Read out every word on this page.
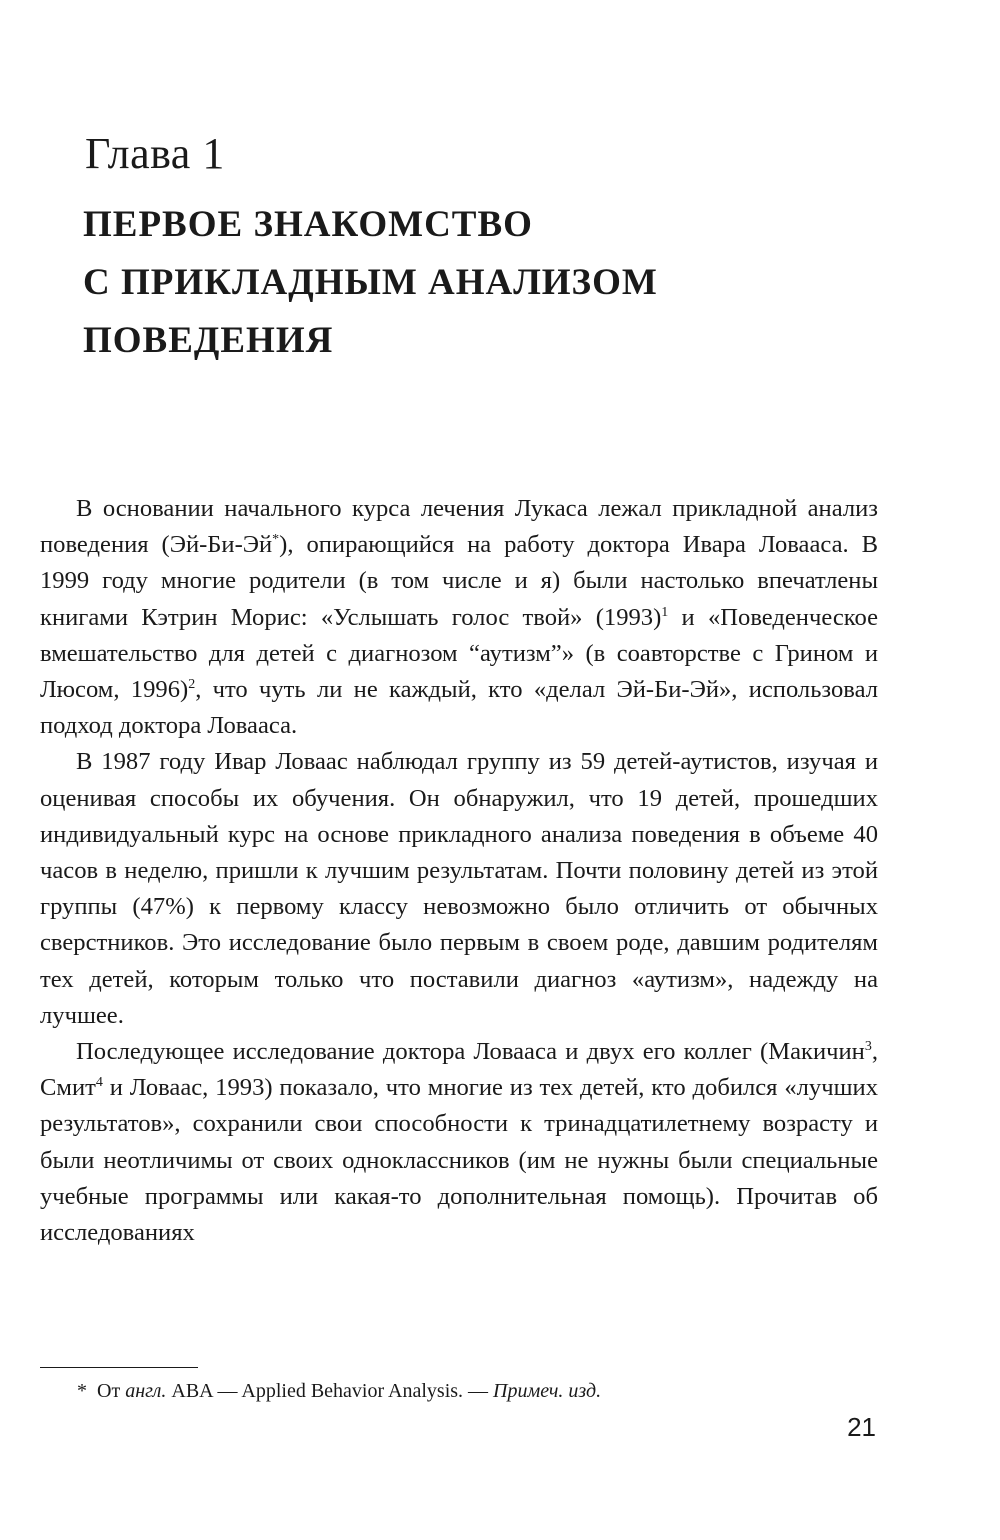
Глава 1
ПЕРВОЕ ЗНАКОМСТВО
С ПРИКЛАДНЫМ АНАЛИЗОМ
ПОВЕДЕНИЯ

В основании начального курса лечения Лукаса лежал прикладной анализ поведения (Эй-Би-Эй*), опирающийся на работу доктора Ивара Ловааса. В 1999 году многие родители (в том числе и я) были настолько впечатлены книгами Кэтрин Морис: «Услышать голос твой» $(1993)^1$ и «Поведенческое вмешательство для детей с диагнозом “аутизм”» (в соавторстве с Грином и Люсом, 1996)$^2$, что чуть ли не каждый, кто «делал Эй-Би-Эй», использовал подход доктора Ловааса.

В 1987 году Ивар Ловаас наблюдал группу из 59 детей-аутистов, изучая и оценивая способы их обучения. Он обнаружил, что 19 детей, прошедших индивидуальный курс на основе прикладного анализа поведения в объеме 40 часов в неделю, пришли к лучшим результатам. Почти половину детей из этой группы (47%) к первому классу невозможно было отличить от обычных сверстников. Это исследование было первым в своем роде, давшим родителям тех детей, которым только что поставили диагноз «аутизм», надежду на лучшее.

Последующее исследование доктора Ловааса и двух его коллег (Макичин$^3$, Смит$^4$ и Ловаас, 1993) показало, что многие из тех детей, кто добился «лучших результатов», сохранили свои способности к тринадцатилетнему возрасту и были неотличимы от своих одноклассников (им не нужны были специальные учебные программы или какая-то дополнительная помощь). Прочитав об исследованиях

* От англ. ABA — Applied Behavior Analysis. — Примеч. изд.
21
